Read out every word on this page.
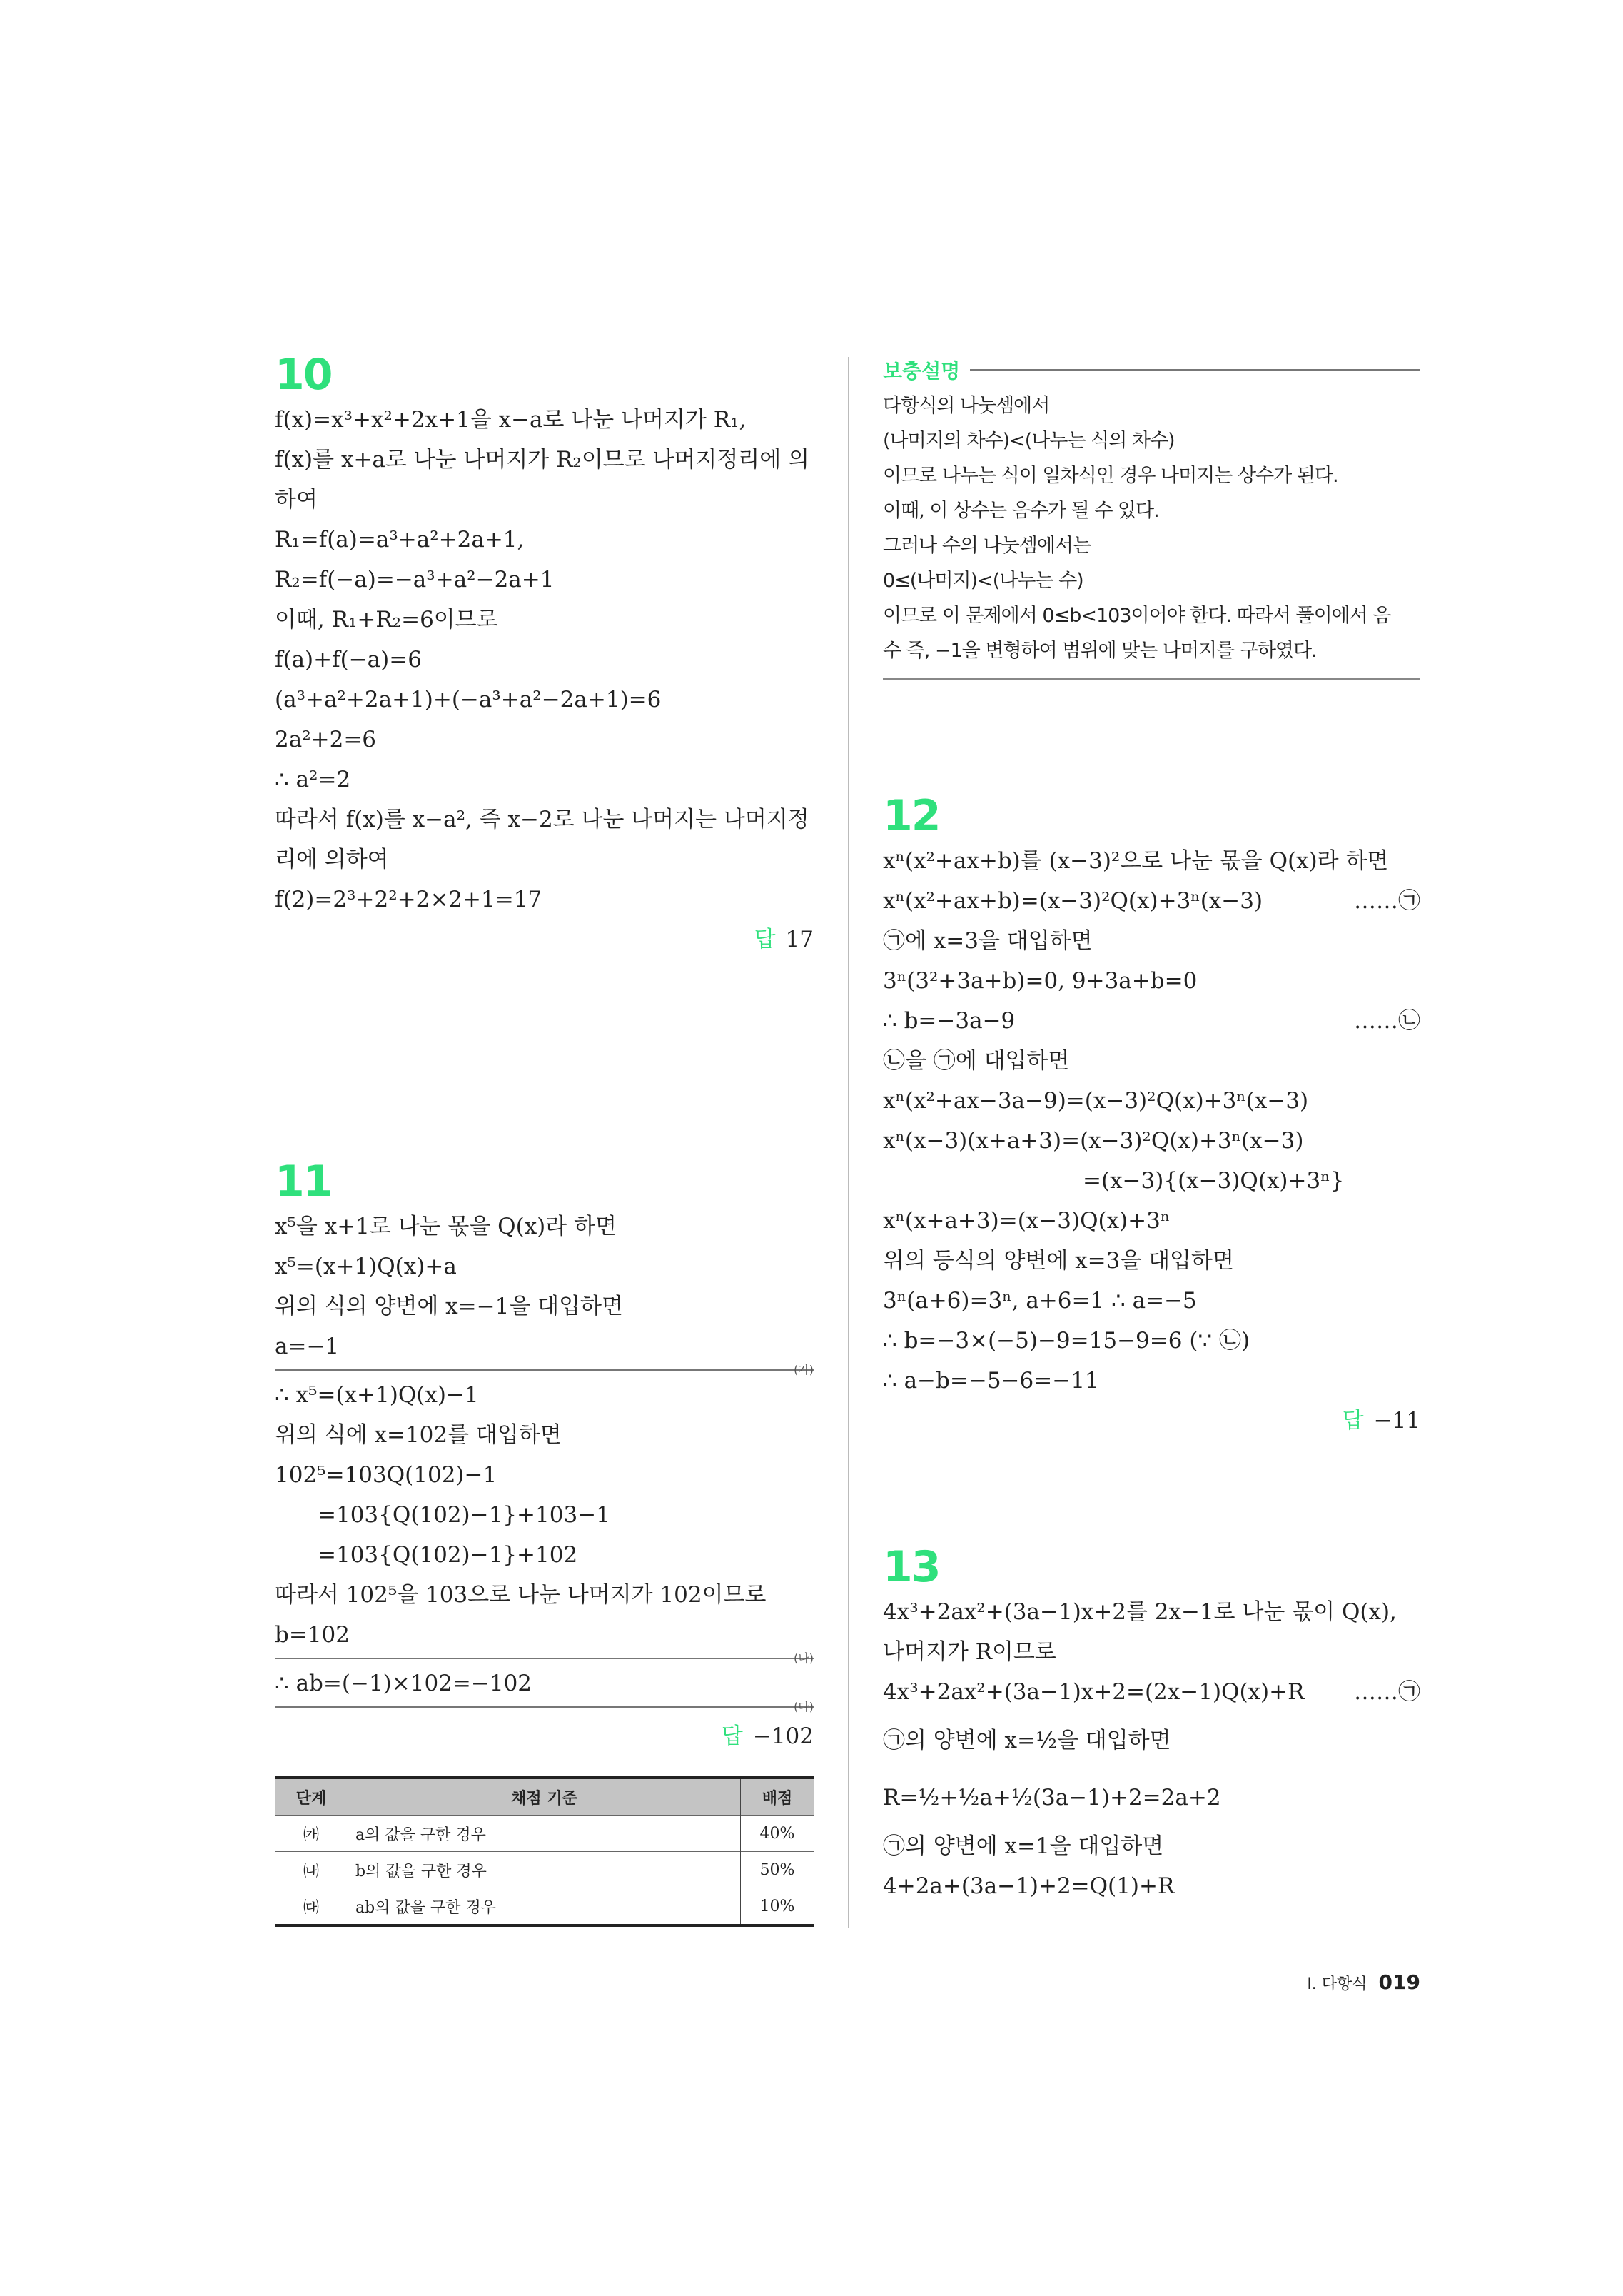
10
f(x)=x³+x²+2x+1을 x−a로 나눈 나머지가 R₁,
f(x)를 x+a로 나눈 나머지가 R₂이므로 나머지정리에 의
하여
R₁=f(a)=a³+a²+2a+1,
R₂=f(−a)=−a³+a²−2a+1
이때, R₁+R₂=6이므로
f(a)+f(−a)=6
(a³+a²+2a+1)+(−a³+a²−2a+1)=6
2a²+2=6
∴ a²=2
따라서 f(x)를 x−a², 즉 x−2로 나눈 나머지는 나머지정
리에 의하여
f(2)=2³+2²+2×2+1=17
답 17
11
x⁵을 x+1로 나눈 몫을 Q(x)라 하면
x⁵=(x+1)Q(x)+a
위의 식의 양변에 x=−1을 대입하면
a=−1
(가)
∴ x⁵=(x+1)Q(x)−1
위의 식에 x=102를 대입하면
102⁵=103Q(102)−1
=103{Q(102)−1}+103−1
=103{Q(102)−1}+102
따라서 102⁵을 103으로 나눈 나머지가 102이므로
b=102
(나)
∴ ab=(−1)×102=−102
(다)
답 −102
단계	채점 기준	배점
㈎	a의 값을 구한 경우	40%
㈏	b의 값을 구한 경우	50%
㈐	ab의 값을 구한 경우	10%
보충설명
다항식의 나눗셈에서
(나머지의 차수)<(나누는 식의 차수)
이므로 나누는 식이 일차식인 경우 나머지는 상수가 된다.
이때, 이 상수는 음수가 될 수 있다.
그러나 수의 나눗셈에서는
0≤(나머지)<(나누는 수)
이므로 이 문제에서 0≤b<103이어야 한다. 따라서 풀이에서 음
수 즉, −1을 변형하여 범위에 맞는 나머지를 구하였다.
12
xⁿ(x²+ax+b)를 (x−3)²으로 나눈 몫을 Q(x)라 하면
xⁿ(x²+ax+b)=(x−3)²Q(x)+3ⁿ(x−3)	……㉠
㉠에 x=3을 대입하면
3ⁿ(3²+3a+b)=0, 9+3a+b=0
∴ b=−3a−9	……㉡
㉡을 ㉠에 대입하면
xⁿ(x²+ax−3a−9)=(x−3)²Q(x)+3ⁿ(x−3)
xⁿ(x−3)(x+a+3)=(x−3)²Q(x)+3ⁿ(x−3)
=(x−3){(x−3)Q(x)+3ⁿ}
xⁿ(x+a+3)=(x−3)Q(x)+3ⁿ
위의 등식의 양변에 x=3을 대입하면
3ⁿ(a+6)=3ⁿ, a+6=1 ∴ a=−5
∴ b=−3×(−5)−9=15−9=6 (∵ ㉡)
∴ a−b=−5−6=−11
답 −11
13
4x³+2ax²+(3a−1)x+2를 2x−1로 나눈 몫이 Q(x),
나머지가 R이므로
4x³+2ax²+(3a−1)x+2=(2x−1)Q(x)+R ……㉠
㉠의 양변에 x=½을 대입하면
R=½+½a+½(3a−1)+2=2a+2
㉠의 양변에 x=1을 대입하면
4+2a+(3a−1)+2=Q(1)+R
I. 다항식 019
